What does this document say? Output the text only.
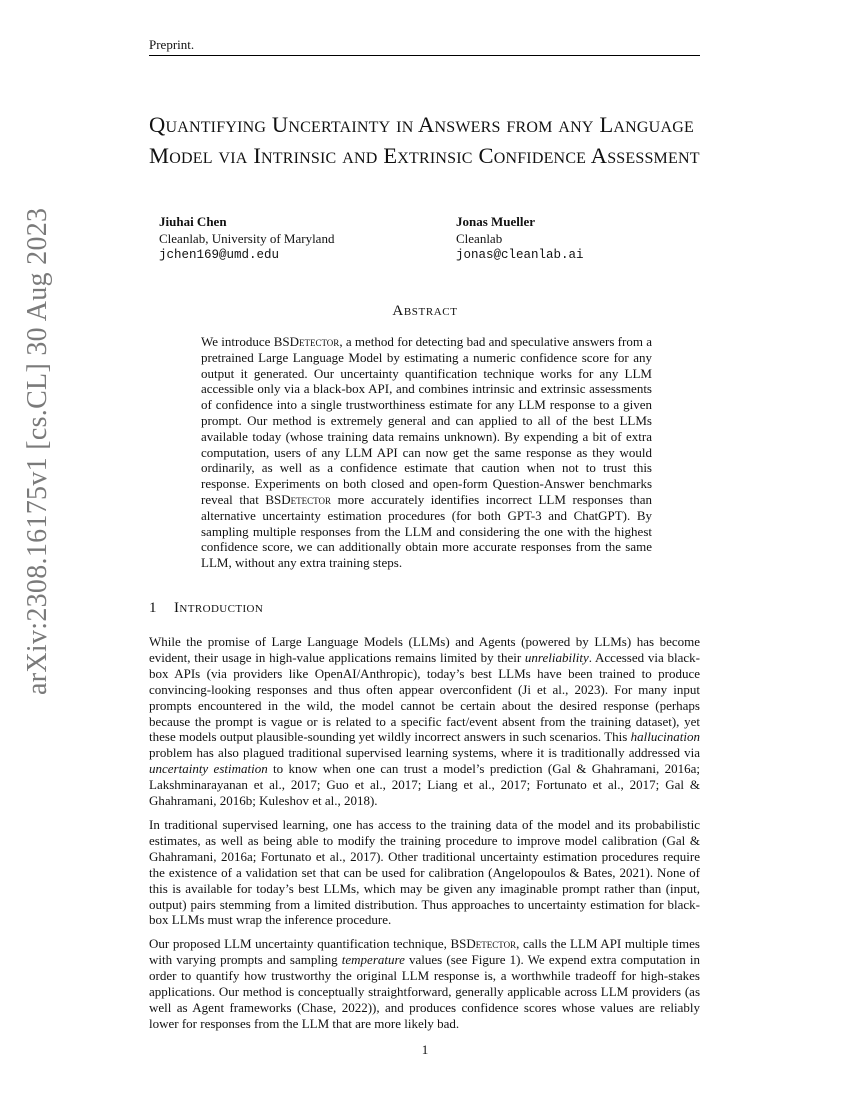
Preprint.
Quantifying Uncertainty in Answers from any Language Model via Intrinsic and Extrinsic Confidence Assessment
Jiuhai Chen
Cleanlab, University of Maryland
jchen169@umd.edu
Jonas Mueller
Cleanlab
jonas@cleanlab.ai
Abstract

We introduce BSDetector, a method for detecting bad and speculative answers from a pretrained Large Language Model by estimating a numeric confidence score for any output it generated. Our uncertainty quantification technique works for any LLM accessible only via a black-box API, and combines intrinsic and extrinsic assessments of confidence into a single trustworthiness estimate for any LLM response to a given prompt. Our method is extremely general and can applied to all of the best LLMs available today (whose training data remains unknown). By expending a bit of extra computation, users of any LLM API can now get the same response as they would ordinarily, as well as a confidence estimate that caution when not to trust this response. Experiments on both closed and open-form Question-Answer benchmarks reveal that BSDetector more accurately identifies incorrect LLM responses than alternative uncertainty estimation procedures (for both GPT-3 and ChatGPT). By sampling multiple responses from the LLM and considering the one with the highest confidence score, we can additionally obtain more accurate responses from the same LLM, without any extra training steps.

1 Introduction

While the promise of Large Language Models (LLMs) and Agents (powered by LLMs) has become evident, their usage in high-value applications remains limited by their unreliability. Accessed via black-box APIs (via providers like OpenAI/Anthropic), today’s best LLMs have been trained to produce convincing-looking responses and thus often appear overconfident (Ji et al., 2023). For many input prompts encountered in the wild, the model cannot be certain about the desired response (perhaps because the prompt is vague or is related to a specific fact/event absent from the training dataset), yet these models output plausible-sounding yet wildly incorrect answers in such scenarios. This hallucination problem has also plagued traditional supervised learning systems, where it is traditionally addressed via uncertainty estimation to know when one can trust a model’s prediction (Gal & Ghahramani, 2016a; Lakshminarayanan et al., 2017; Guo et al., 2017; Liang et al., 2017; Fortunato et al., 2017; Gal & Ghahramani, 2016b; Kuleshov et al., 2018).

In traditional supervised learning, one has access to the training data of the model and its probabilistic estimates, as well as being able to modify the training procedure to improve model calibration (Gal & Ghahramani, 2016a; Fortunato et al., 2017). Other traditional uncertainty estimation procedures require the existence of a validation set that can be used for calibration (Angelopoulos & Bates, 2021). None of this is available for today’s best LLMs, which may be given any imaginable prompt rather than (input, output) pairs stemming from a limited distribution. Thus approaches to uncertainty estimation for black-box LLMs must wrap the inference procedure.

Our proposed LLM uncertainty quantification technique, BSDetector, calls the LLM API multiple times with varying prompts and sampling temperature values (see Figure 1). We expend extra computation in order to quantify how trustworthy the original LLM response is, a worthwhile tradeoff for high-stakes applications. Our method is conceptually straightforward, generally applicable across LLM providers (as well as Agent frameworks (Chase, 2022)), and produces confidence scores whose values are reliably lower for responses from the LLM that are more likely bad.

arXiv:2308.16175v1 [cs.CL] 30 Aug 2023
1
